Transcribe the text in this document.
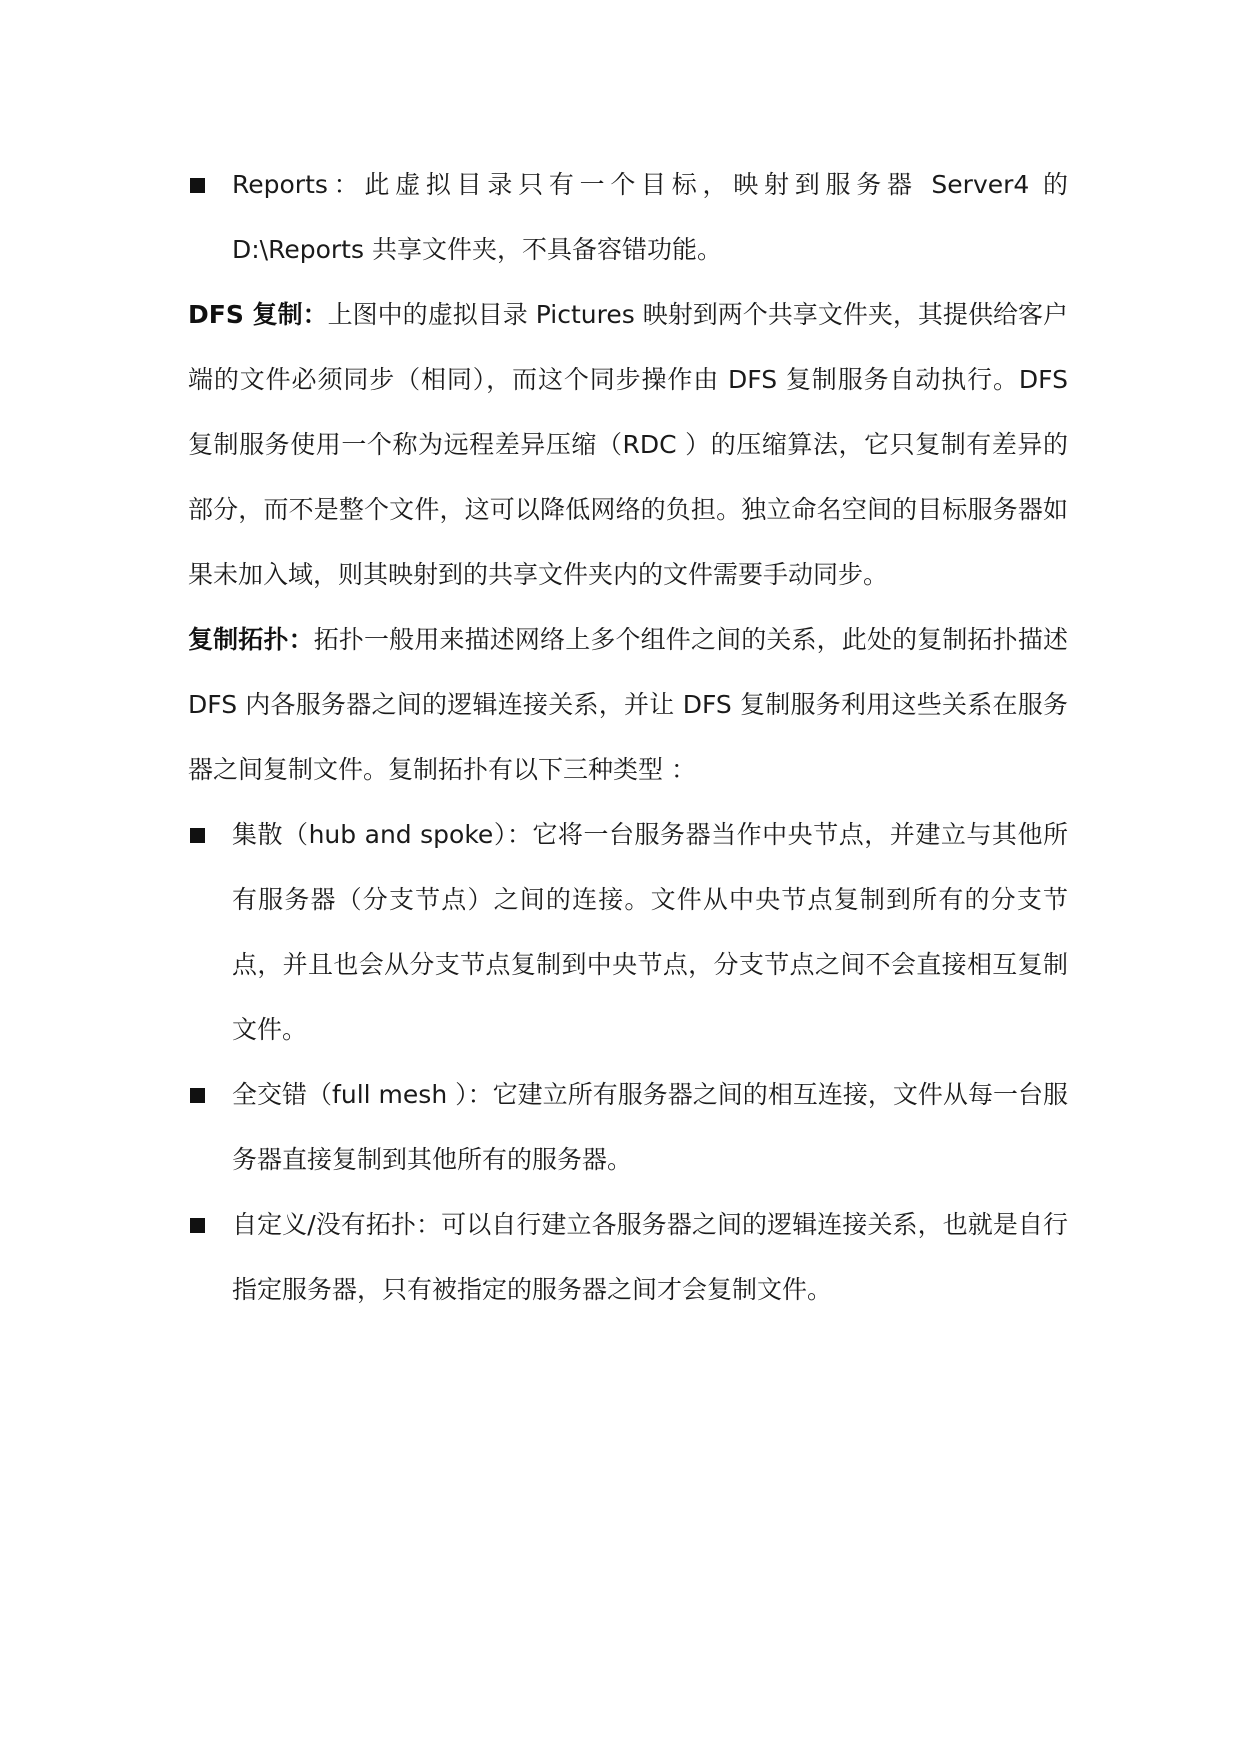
Reports：此虚拟目录只有一个目标，映射到服务器 Server4 的 D:\Reports 共享文件夹，不具备容错功能。
DFS 复制：上图中的虚拟目录 Pictures 映射到两个共享文件夹，其提供给客户端的文件必须同步（相同），而这个同步操作由 DFS 复制服务自动执行。DFS 复制服务使用一个称为远程差异压缩（RDC ）的压缩算法，它只复制有差异的部分，而不是整个文件，这可以降低网络的负担。独立命名空间的目标服务器如果未加入域，则其映射到的共享文件夹内的文件需要手动同步。
复制拓扑：拓扑一般用来描述网络上多个组件之间的关系，此处的复制拓扑描述 DFS 内各服务器之间的逻辑连接关系，并让 DFS 复制服务利用这些关系在服务器之间复制文件。复制拓扑有以下三种类型 ：
集散（hub and spoke）：它将一台服务器当作中央节点，并建立与其他所有服务器（分支节点）之间的连接。文件从中央节点复制到所有的分支节点，并且也会从分支节点复制到中央节点，分支节点之间不会直接相互复制文件。
全交错（full mesh ）：它建立所有服务器之间的相互连接，文件从每一台服务器直接复制到其他所有的服务器。
自定义/没有拓扑：可以自行建立各服务器之间的逻辑连接关系，也就是自行指定服务器，只有被指定的服务器之间才会复制文件。
